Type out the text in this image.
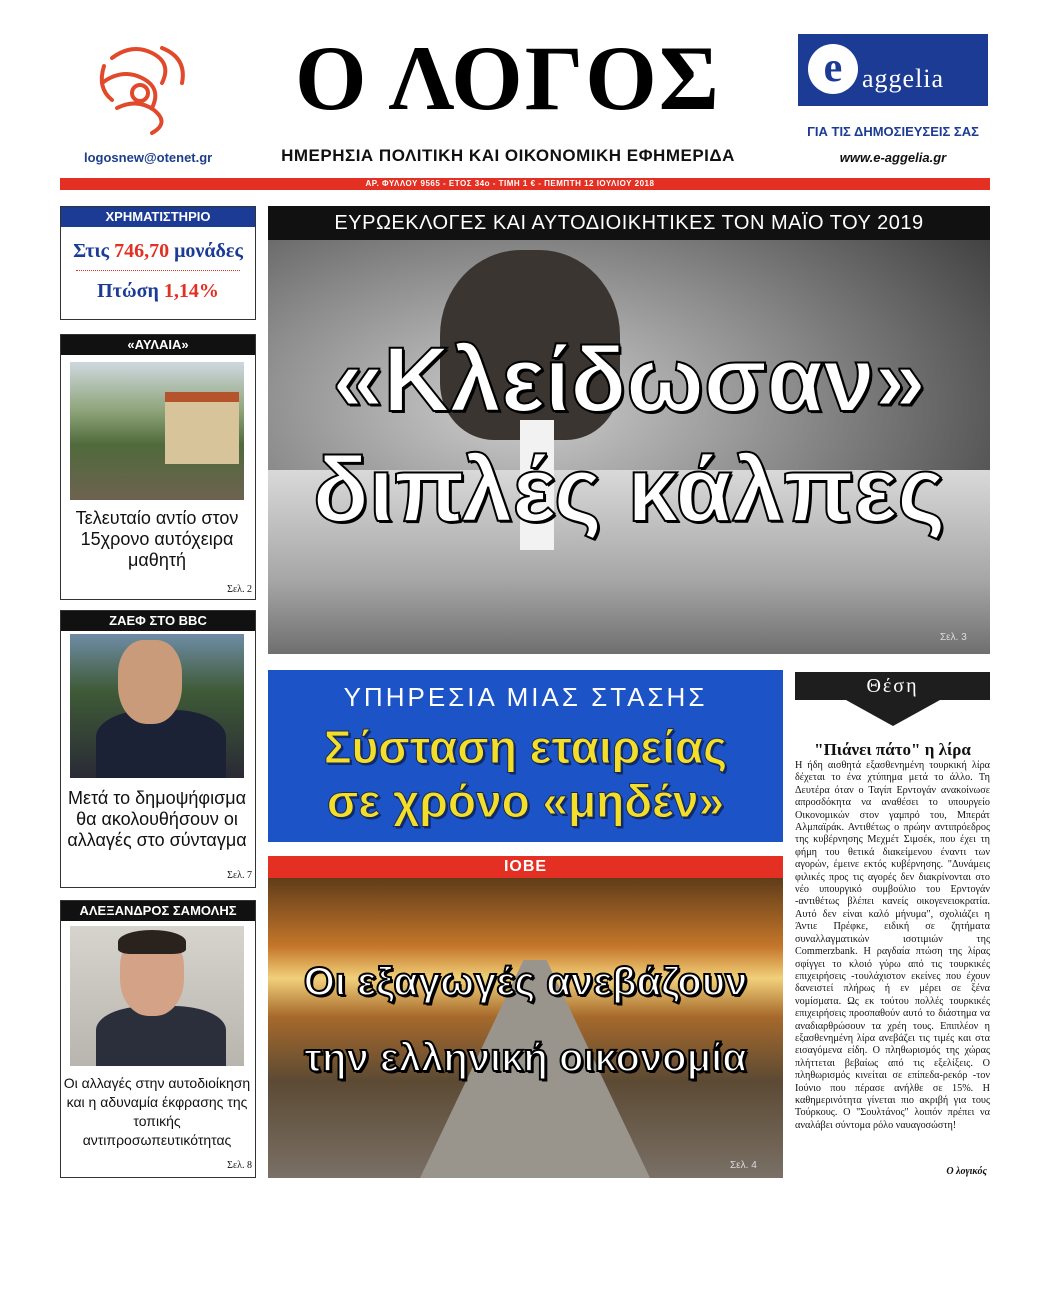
logosnew@otenet.gr
Ο ΛΟΓΟΣ
ΗΜΕΡΗΣΙΑ ΠΟΛΙΤΙΚΗ ΚΑΙ ΟΙΚΟΝΟΜΙΚΗ ΕΦΗΜΕΡΙΔΑ
e aggelia
ΓΙΑ ΤΙΣ ΔΗΜΟΣΙΕΥΣΕΙΣ ΣΑΣ
www.e-aggelia.gr
ΑΡ. ΦΥΛΛΟΥ 9565 - ΕΤΟΣ 34ο - ΤΙΜΗ 1 € - ΠΕΜΠΤΗ 12 ΙΟΥΛΙΟΥ 2018
ΧΡΗΜΑΤΙΣΤΗΡΙΟ
Στις 746,70 μονάδες
Πτώση 1,14%
«ΑΥΛΑΙΑ»
Τελευταίο αντίο στον 15χρονο αυτόχειρα μαθητή
Σελ. 2
ΖΑΕΦ ΣΤΟ BBC
Μετά το δημοψήφισμα θα ακολουθήσουν οι αλλαγές στο σύνταγμα
Σελ. 7
ΑΛΕΞΑΝΔΡΟΣ ΣΑΜΟΛΗΣ
Οι αλλαγές στην αυτοδιοίκηση και η αδυναμία έκφρασης της τοπικής αντιπροσωπευτικότητας
Σελ. 8
ΕΥΡΩΕΚΛΟΓΕΣ ΚΑΙ ΑΥΤΟΔΙΟΙΚΗΤΙΚΕΣ ΤΟΝ ΜΑΪΟ ΤΟΥ 2019
«Κλείδωσαν»
διπλές κάλπες
Σελ. 3
ΥΠΗΡΕΣΙΑ ΜΙΑΣ ΣΤΑΣΗΣ
Σύσταση εταιρείας
σε χρόνο «μηδέν»
ΙΟΒΕ
Οι εξαγωγές ανεβάζουν
την ελληνική οικονομία
Σελ. 4
Θέση
"Πιάνει πάτο" η λίρα
Η ήδη αισθητά εξασθενημένη τουρκική λίρα δέχεται το ένα χτύπημα μετά το άλλο. Τη Δευτέρα όταν ο Ταγίπ Ερντογάν ανακοίνωσε απροσδόκητα να αναθέσει το υπουργείο Οικονομικών στον γαμπρό του, Μπεράτ Αλμπαϊράκ. Αντιθέτως ο πρώην αντιπρόεδρος της κυβέρνησης Μεχμέτ Σιμσέκ, που έχει τη φήμη του θετικά διακείμενου έναντι των αγορών, έμεινε εκτός κυβέρνησης. "Δυνάμεις φιλικές προς τις αγορές δεν διακρίνονται στο νέο υπουργικό συμβούλιο του Ερντογάν -αντιθέτως βλέπει κανείς οικογενειοκρατία. Αυτό δεν είναι καλό μήνυμα", σχολιάζει η Άντιε Πρέφκε, ειδική σε ζητήματα συναλλαγματικών ισοτιμιών της Commerzbank. Η ραγδαία πτώση της λίρας σφίγγει το κλοιό γύρω από τις τουρκικές επιχειρήσεις -τουλάχιστον εκείνες που έχουν δανειστεί πλήρως ή εν μέρει σε ξένα νομίσματα. Ως εκ τούτου πολλές τουρκικές επιχειρήσεις προσπαθούν αυτό το διάστημα να αναδιαρθρώσουν τα χρέη τους. Επιπλέον η εξασθενημένη λίρα ανεβάζει τις τιμές και στα εισαγόμενα είδη. Ο πληθωρισμός της χώρας πλήττεται βεβαίως από τις εξελίξεις. Ο πληθωρισμός κινείται σε επίπεδα-ρεκόρ -τον Ιούνιο που πέρασε ανήλθε σε 15%. Η καθημερινότητα γίνεται πιο ακριβή για τους Τούρκους. Ο "Σουλτάνος" λοιπόν πρέπει να αναλάβει σύντομα ρόλο ναυαγοσώστη!
Ο λογικός
